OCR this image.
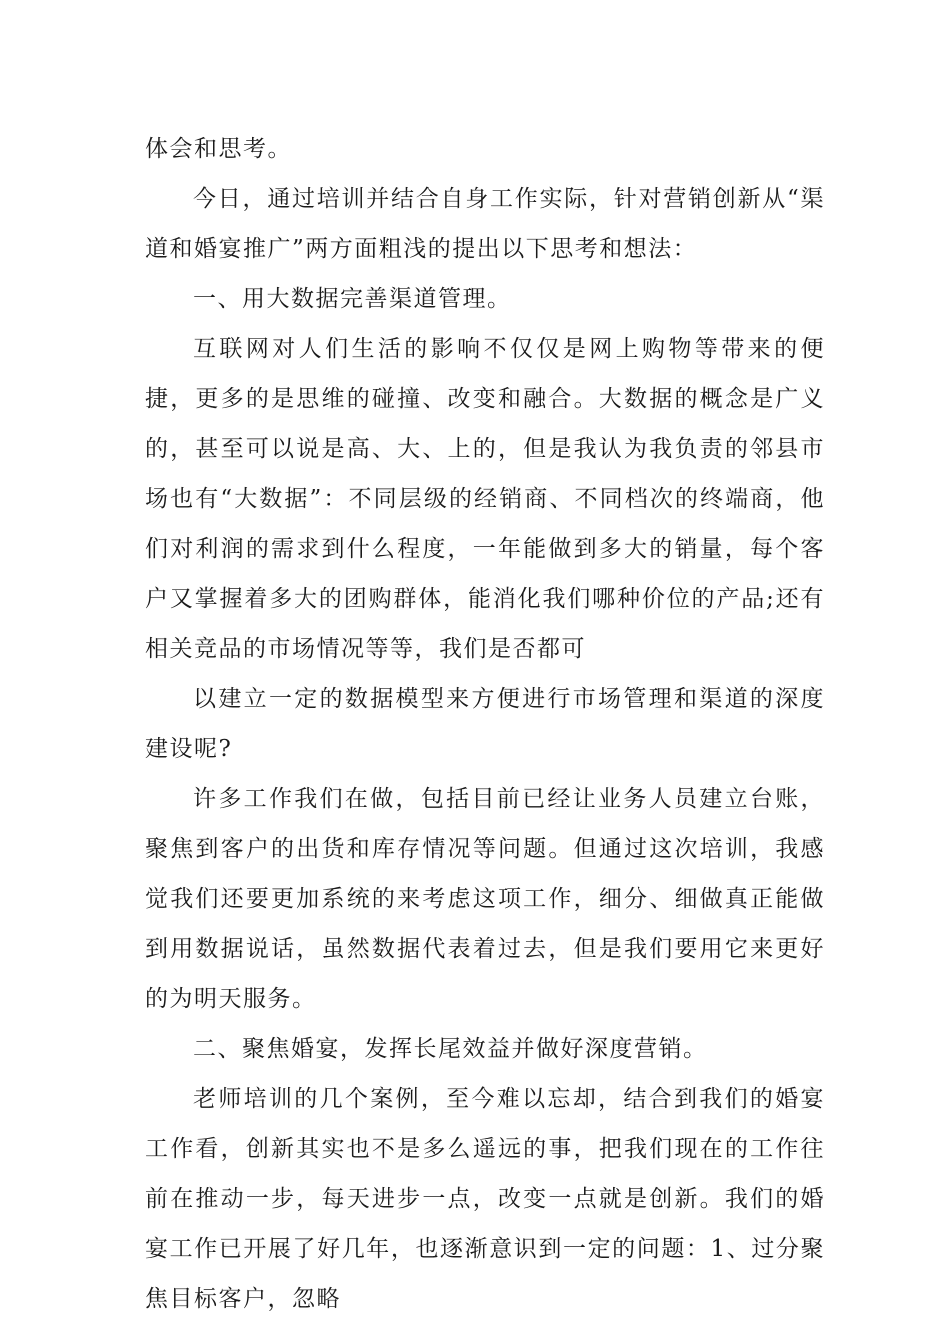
体会和思考。

今日，通过培训并结合自身工作实际，针对营销创新从“渠道和婚宴推广”两方面粗浅的提出以下思考和想法：

一、用大数据完善渠道管理。

互联网对人们生活的影响不仅仅是网上购物等带来的便捷，更多的是思维的碰撞、改变和融合。大数据的概念是广义的，甚至可以说是高、大、上的，但是我认为我负责的邻县市场也有“大数据”：不同层级的经销商、不同档次的终端商，他们对利润的需求到什么程度，一年能做到多大的销量，每个客户又掌握着多大的团购群体，能消化我们哪种价位的产品;还有相关竞品的市场情况等等，我们是否都可

以建立一定的数据模型来方便进行市场管理和渠道的深度建设呢?

许多工作我们在做，包括目前已经让业务人员建立台账，聚焦到客户的出货和库存情况等问题。但通过这次培训，我感觉我们还要更加系统的来考虑这项工作，细分、细做真正能做到用数据说话，虽然数据代表着过去，但是我们要用它来更好的为明天服务。

二、聚焦婚宴，发挥长尾效益并做好深度营销。

老师培训的几个案例，至今难以忘却，结合到我们的婚宴工作看，创新其实也不是多么遥远的事，把我们现在的工作往前在推动一步，每天进步一点，改变一点就是创新。我们的婚宴工作已开展了好几年，也逐渐意识到一定的问题：1、过分聚焦目标客户，忽略
